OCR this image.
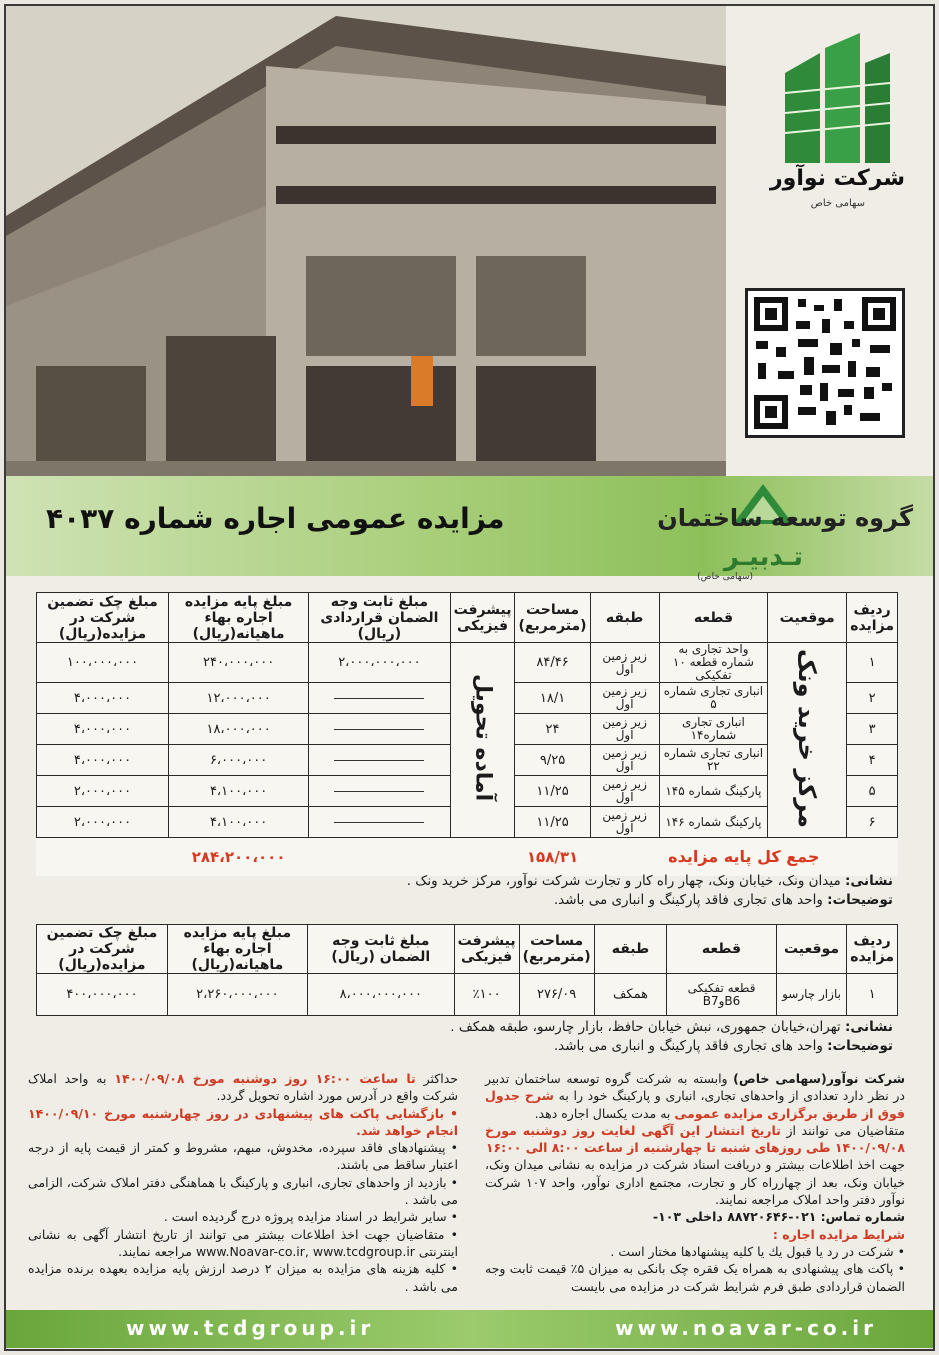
شرکت نوآور
سهامی خاص
مزایده عمومی اجاره شماره ۴۰۳۷	گروه توسعه ساختمان
تـدبیـر
(سهامی خاص)
ردیف مزایده	موقعیت	قطعه	طبقه	مساحت (مترمربع)	پیشرفت فیزیکی	مبلغ ثابت وجه الضمان قراردادی (ریال)	مبلغ پایه مزایده اجاره بهاء ماهیانه(ریال)	مبلغ چک تضمین شرکت در مزایده(ریال)
۱	مرکز خرید ونک	واحد تجاری به شماره قطعه ۱۰ تفکیکی	زیر زمین اول	۸۴/۴۶	آماده تحویل	۲،۰۰۰،۰۰۰،۰۰۰	۲۴۰،۰۰۰،۰۰۰	۱۰۰،۰۰۰،۰۰۰
۲		انباری تجاری شماره ۵	زیر زمین اول	۱۸/۱			۱۲،۰۰۰،۰۰۰	۴،۰۰۰،۰۰۰
۳		انباری تجاری شماره۱۴	زیر زمین اول	۲۴			۱۸،۰۰۰،۰۰۰	۴،۰۰۰،۰۰۰
۴		انباری تجاری شماره ۲۲	زیر زمین اول	۹/۲۵			۶،۰۰۰،۰۰۰	۴،۰۰۰،۰۰۰
۵		پارکینگ شماره ۱۴۵	زیر زمین اول	۱۱/۲۵			۴،۱۰۰،۰۰۰	۲،۰۰۰،۰۰۰
۶		پارکینگ شماره ۱۴۶	زیر زمین اول	۱۱/۲۵			۴،۱۰۰،۰۰۰	۲،۰۰۰،۰۰۰
جمع کل پایه مزایده				۱۵۸/۳۱			۲۸۴،۲۰۰،۰۰۰	
نشانی: میدان ونک، خیابان ونک، چهار راه کار و تجارت شرکت نوآور، مرکز خرید ونک .
توضیحات: واحد های تجاری فاقد پارکینگ و انباری می باشد.
ردیف مزایده	موقعیت	قطعه	طبقه	مساحت (مترمربع)	پیشرفت فیزیکی	مبلغ ثابت وجه الضمان (ریال)	مبلغ پایه مزایده اجاره بهاء ماهیانه(ریال)	مبلغ چک تضمین شرکت در مزایده(ریال)
۱	بازار چارسو	قطعه تفکیکی B6وB7	همکف	۲۷۶/۰۹	٪۱۰۰	۸،۰۰۰،۰۰۰،۰۰۰	۲،۲۶۰،۰۰۰،۰۰۰	۴۰۰،۰۰۰،۰۰۰
نشانی: تهران،خیابان جمهوری، نبش خیابان حافظ، بازار چارسو، طبقه همکف .
توضیحات: واحد های تجاری فاقد پارکینگ و انباری می باشد.

شرکت نوآور(سهامی خاص) وابسته به شرکت گروه توسعه ساختمان تدبیر در نظر دارد تعدادی از واحدهای تجاری، انباری و پارکینگ خود را به شرح جدول فوق از طریق برگزاری مزایده عمومی به مدت یکسال اجاره دهد.

متقاضیان می توانند از تاریخ انتشار این آگهی لغایت روز دوشنبه مورخ ۱۴۰۰/۰۹/۰۸ طی روزهای شنبه تا چهارشنبه از ساعت ۸:۰۰ الی ۱۶:۰۰

جهت اخذ اطلاعات بیشتر و دریافت اسناد شرکت در مزایده به نشانی میدان ونک، خیابان ونک، بعد از چهارراه کار و تجارت، مجتمع اداری نوآور، واحد ۱۰۷ شرکت نوآور دفتر واحد املاک مراجعه نمایند.

شماره تماس: ۰۲۱-۸۸۷۲۰۶۴۶ داخلی ۱۰۳-

شرایط مزایده اجاره :

• شرکت در رد یا قبول یك یا کلیه پیشنهادها مختار است .

• پاکت های پیشنهادی به همراه یک فقره چک بانکی به میزان ۵٪ قیمت ثابت وجه الضمان قراردادی طبق فرم شرایط شرکت در مزایده می بایست

حداکثر تا ساعت ۱۶:۰۰ روز دوشنبه مورخ ۱۴۰۰/۰۹/۰۸ به واحد املاک شرکت واقع در آدرس مورد اشاره تحویل گردد.

• بازگشایی پاکت های پیشنهادی در روز چهارشنبه مورخ ۱۴۰۰/۰۹/۱۰ انجام خواهد شد.

• پیشنهادهای فاقد سپرده، مخدوش، مبهم، مشروط و کمتر از قیمت پایه از درجه اعتبار ساقط می باشند.

• بازدید از واحدهای تجاری، انباری و پارکینگ با هماهنگی دفتر املاک شرکت، الزامی می باشد .

• سایر شرایط در اسناد مزایده پروژه درج گردیده است .

• متقاضیان جهت اخذ اطلاعات بیشتر می توانند از تاریخ انتشار آگهی به نشانی اینترنتی www.Noavar-co.ir, www.tcdgroup.ir مراجعه نمایند.

• کلیه هزینه های مزایده به میزان ۲ درصد ارزش پایه مزایده بعهده برنده مزایده می باشد .

www.tcdgroup.ir	www.noavar-co.ir
